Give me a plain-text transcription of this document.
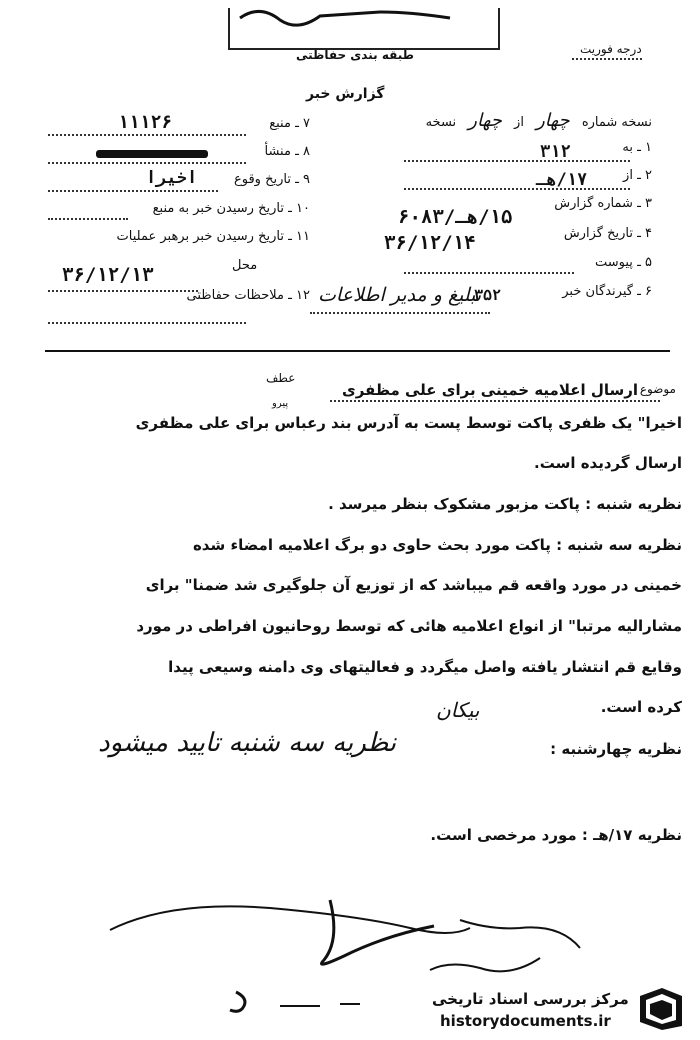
طبقه بندی حفاظتی	درجه فوریت
گزارش خبر
۷ ـ منبع
۱۱۱۲۶
۸ ـ منشأ
۹ ـ تاریخ وقوع
اخیرا
۱۰ ـ تاریخ رسیدن خبر به منبع
۱۱ ـ تاریخ رسیدن خبر برهبر عملیات
محل
۳۶/۱۲/۱۳
۱۲ ـ ملاحظات حفاظتی
نسخه شماره چهار از چهار نسخه
۱ ـ به
۳۱۲
۲ ـ از
۱۷/هـ
۳ ـ شماره گزارش
۱۵/هـ/۶۰۸۳
۴ ـ تاریخ گزارش
۳۶/۱۲/۱۴
۵ ـ پیوست
۶ ـ گیرندگان خبر
۳۵۲
تبلیغ و مدیر اطلاعات
عطف
پیرو
موضوع
ارسال اعلامیه خمینی برای علی مظفری
اخیرا" یک ظفری پاکت توسط پست به آدرس بند رعباس برای علی مظفری
ارسال گردیده است.
نظریه شنبه : پاکت مزبور مشکوک بنظر میرسد .
نظریه سه شنبه : پاکت مورد بحث حاوی دو برگ اعلامیه امضاء شده
خمینی در مورد واقعه قم میباشد که از توزیع آن جلوگیری شد ضمنا" برای
مشارالیه مرتبا" از انواع اعلامیه هائی که توسط روحانیون افراطی در مورد
وقایع قم انتشار یافته واصل میگردد و فعالیتهای وی دامنه وسیعی پیدا
کرده است.
بیکان
نظریه چهارشنبه :
نظریه سه شنبه تایید میشود
نظریه ۱۷/هـ : مورد مرخصی است.
مرکز بررسی اسناد تاریخی
historydocuments.ir
